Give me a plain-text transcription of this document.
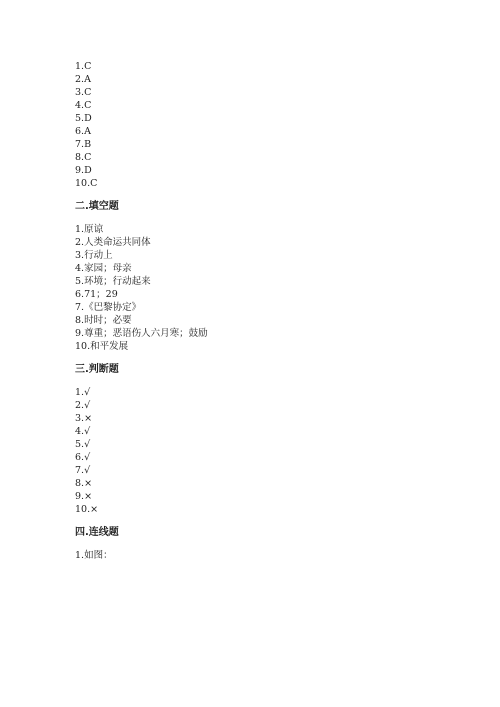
1.C
2.A
3.C
4.C
5.D
6.A
7.B
8.C
9.D
10.C
二.填空题
1.原谅
2.人类命运共同体
3.行动上
4.家园；母亲
5.环境；行动起来
6.71；29
7.《巴黎协定》
8.时时；必要
9.尊重；恶语伤人六月寒；鼓励
10.和平发展
三.判断题
1.√
2.√
3.×
4.√
5.√
6.√
7.√
8.×
9.×
10.×
四.连线题
1.如图：
